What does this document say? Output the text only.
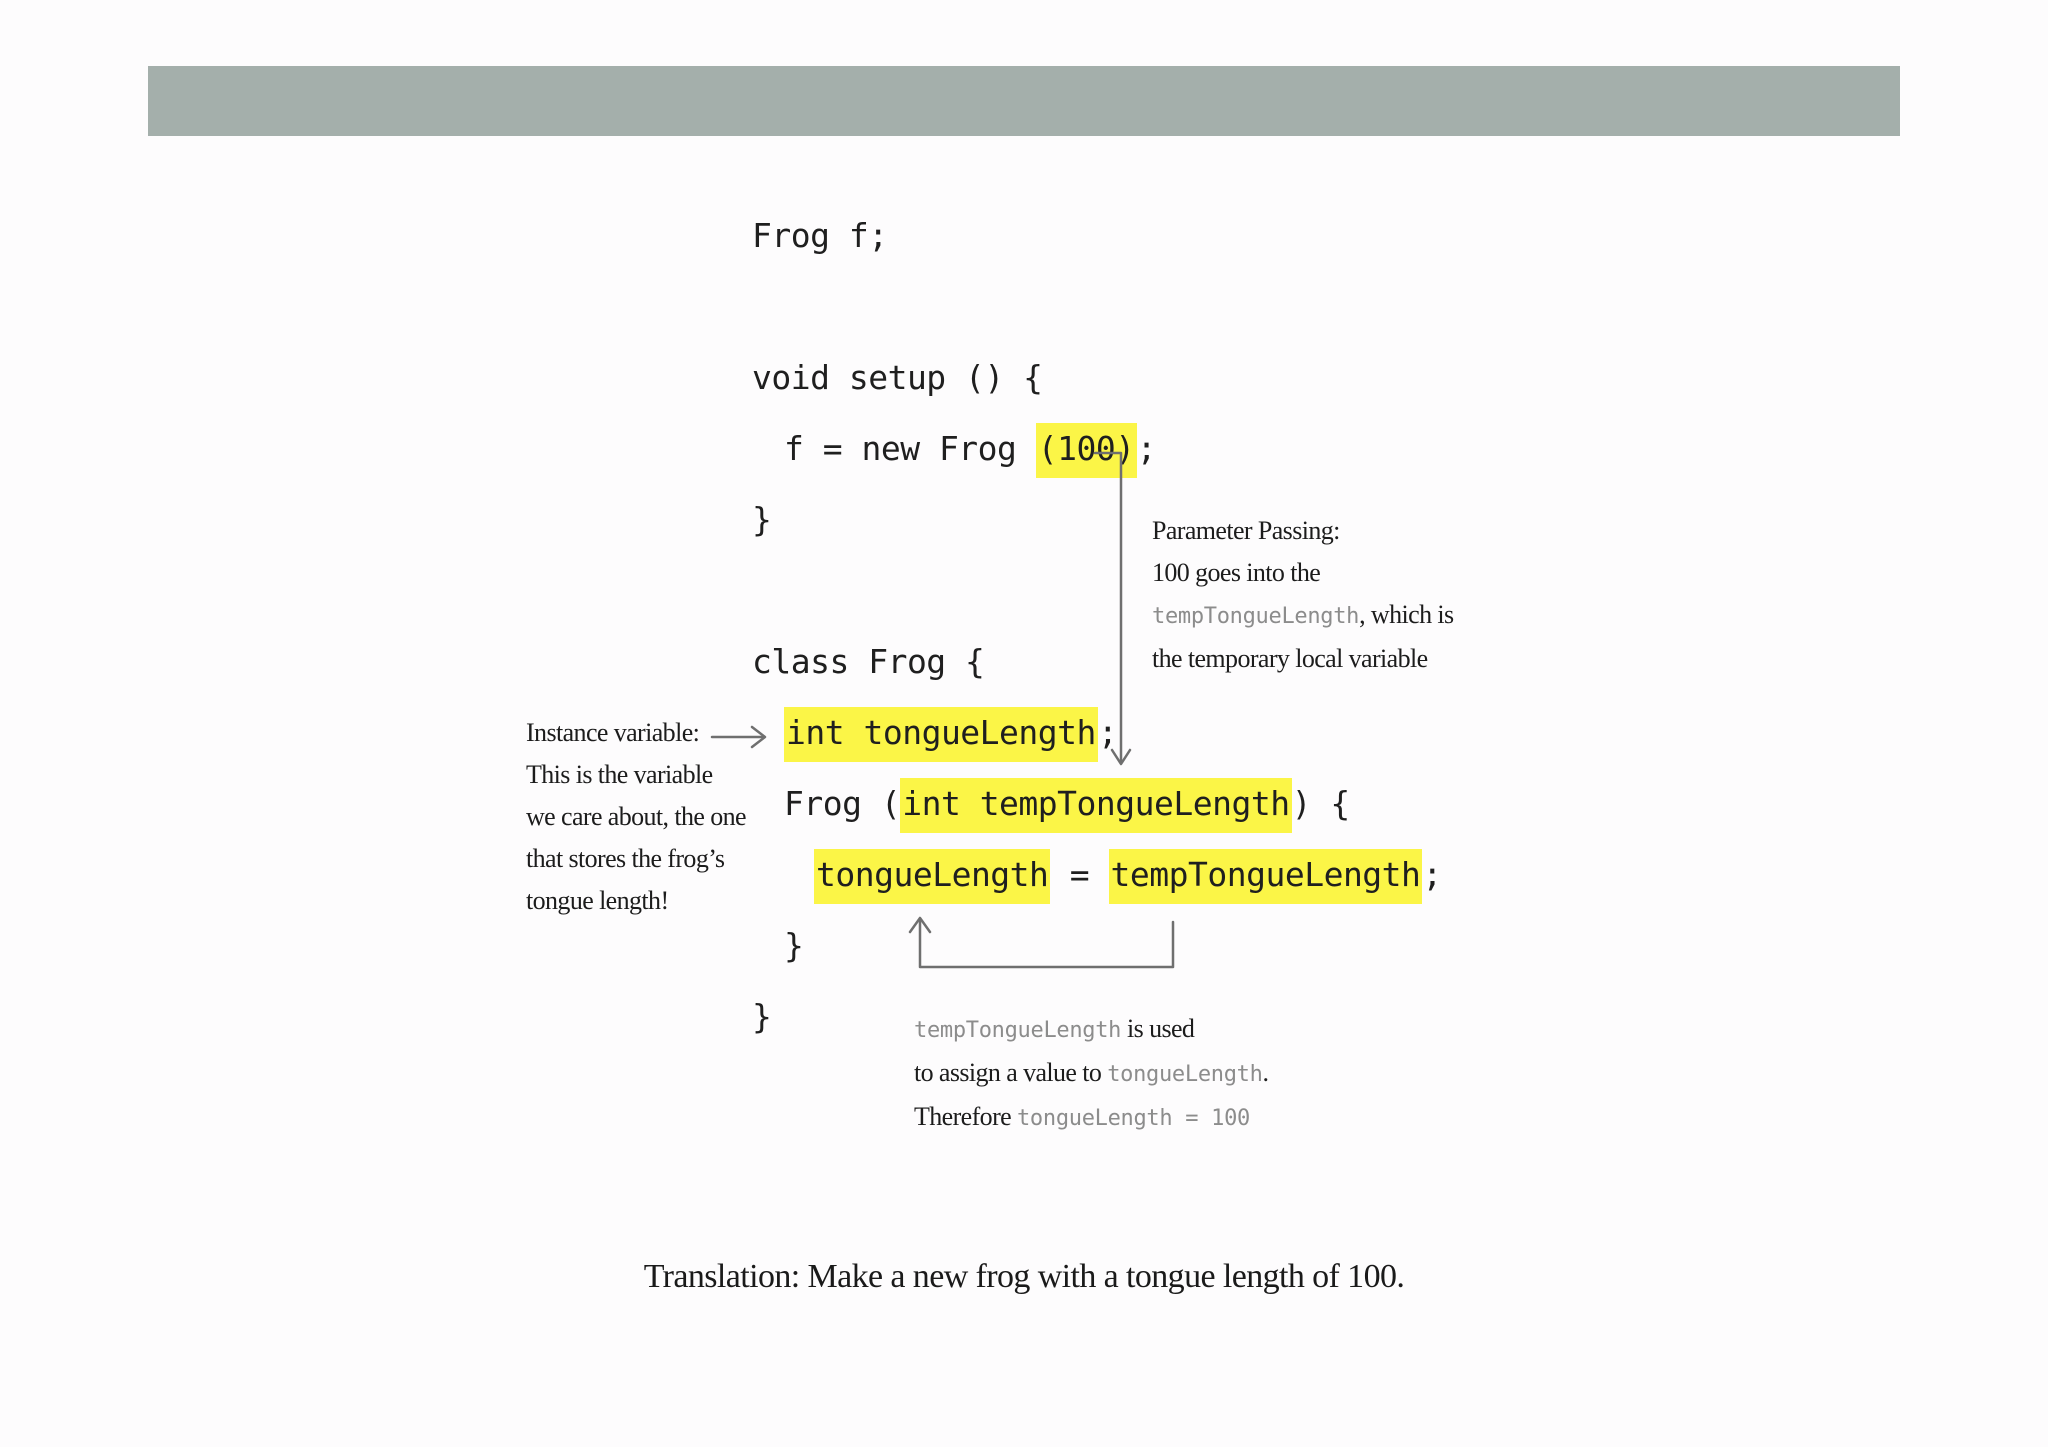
Frog f;
void setup () {
f = new Frog (100);
}
class Frog {
int tongueLength;
Frog (int tempTongueLength) {
tongueLength = tempTongueLength;
}
}
Instance variable:
This is the variable
we care about, the one
that stores the frog’s
tongue length!
Parameter Passing:
100 goes into the
tempTongueLength, which is
the temporary local variable
tempTongueLength is used
to assign a value to tongueLength.
Therefore tongueLength = 100
Translation: Make a new frog with a tongue length of 100.
